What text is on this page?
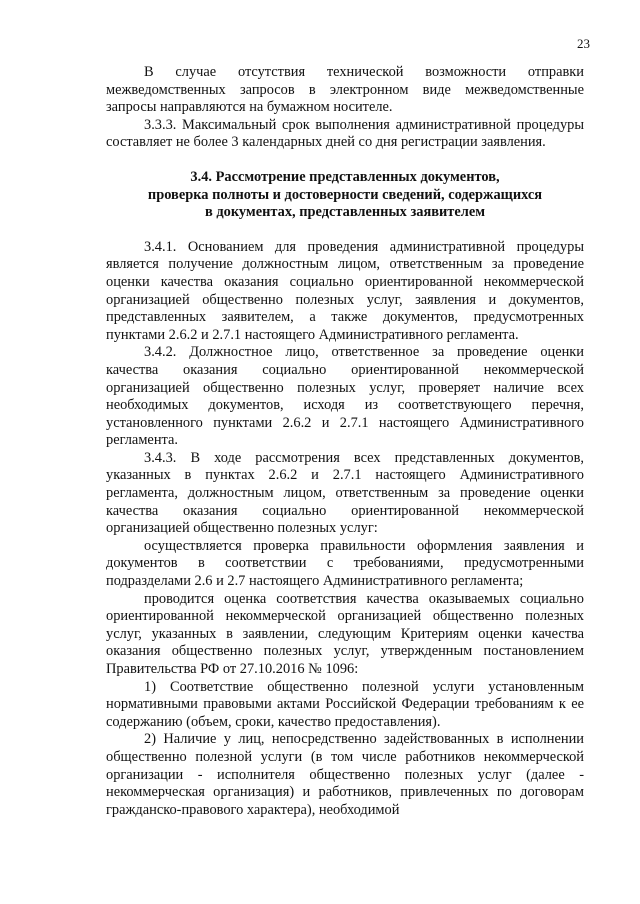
23

В случае отсутствия технической возможности отправки межведомственных запросов в электронном виде межведомственные запросы направляются на бумажном носителе.

3.3.3. Максимальный срок выполнения административной процедуры составляет не более 3 календарных дней со дня регистрации заявления.

3.4. Рассмотрение представленных документов,
проверка полноты и достоверности сведений, содержащихся
в документах, представленных заявителем

3.4.1. Основанием для проведения административной процедуры является получение должностным лицом, ответственным за проведение оценки качества оказания социально ориентированной некоммерческой организацией общественно полезных услуг, заявления и документов, представленных заявителем, а также документов, предусмотренных пунктами 2.6.2 и 2.7.1 настоящего Административного регламента.

3.4.2. Должностное лицо, ответственное за проведение оценки качества оказания социально ориентированной некоммерческой организацией общественно полезных услуг, проверяет наличие всех необходимых документов, исходя из соответствующего перечня, установленного пунктами 2.6.2 и 2.7.1 настоящего Административного регламента.

3.4.3. В ходе рассмотрения всех представленных документов, указанных в пунктах 2.6.2 и 2.7.1 настоящего Административного регламента, должностным лицом, ответственным за проведение оценки качества оказания социально ориентированной некоммерческой организацией общественно полезных услуг:

осуществляется проверка правильности оформления заявления и документов в соответствии с требованиями, предусмотренными подразделами 2.6 и 2.7 настоящего Административного регламента;

проводится оценка соответствия качества оказываемых социально ориентированной некоммерческой организацией общественно полезных услуг, указанных в заявлении, следующим Критериям оценки качества оказания общественно полезных услуг, утвержденным постановлением Правительства РФ от 27.10.2016 № 1096:

1) Соответствие общественно полезной услуги установленным нормативными правовыми актами Российской Федерации требованиям к ее содержанию (объем, сроки, качество предоставления).

2) Наличие у лиц, непосредственно задействованных в исполнении общественно полезной услуги (в том числе работников некоммерческой организации - исполнителя общественно полезных услуг (далее - некоммерческая организация) и работников, привлеченных по договорам гражданско-правового характера), необходимой
